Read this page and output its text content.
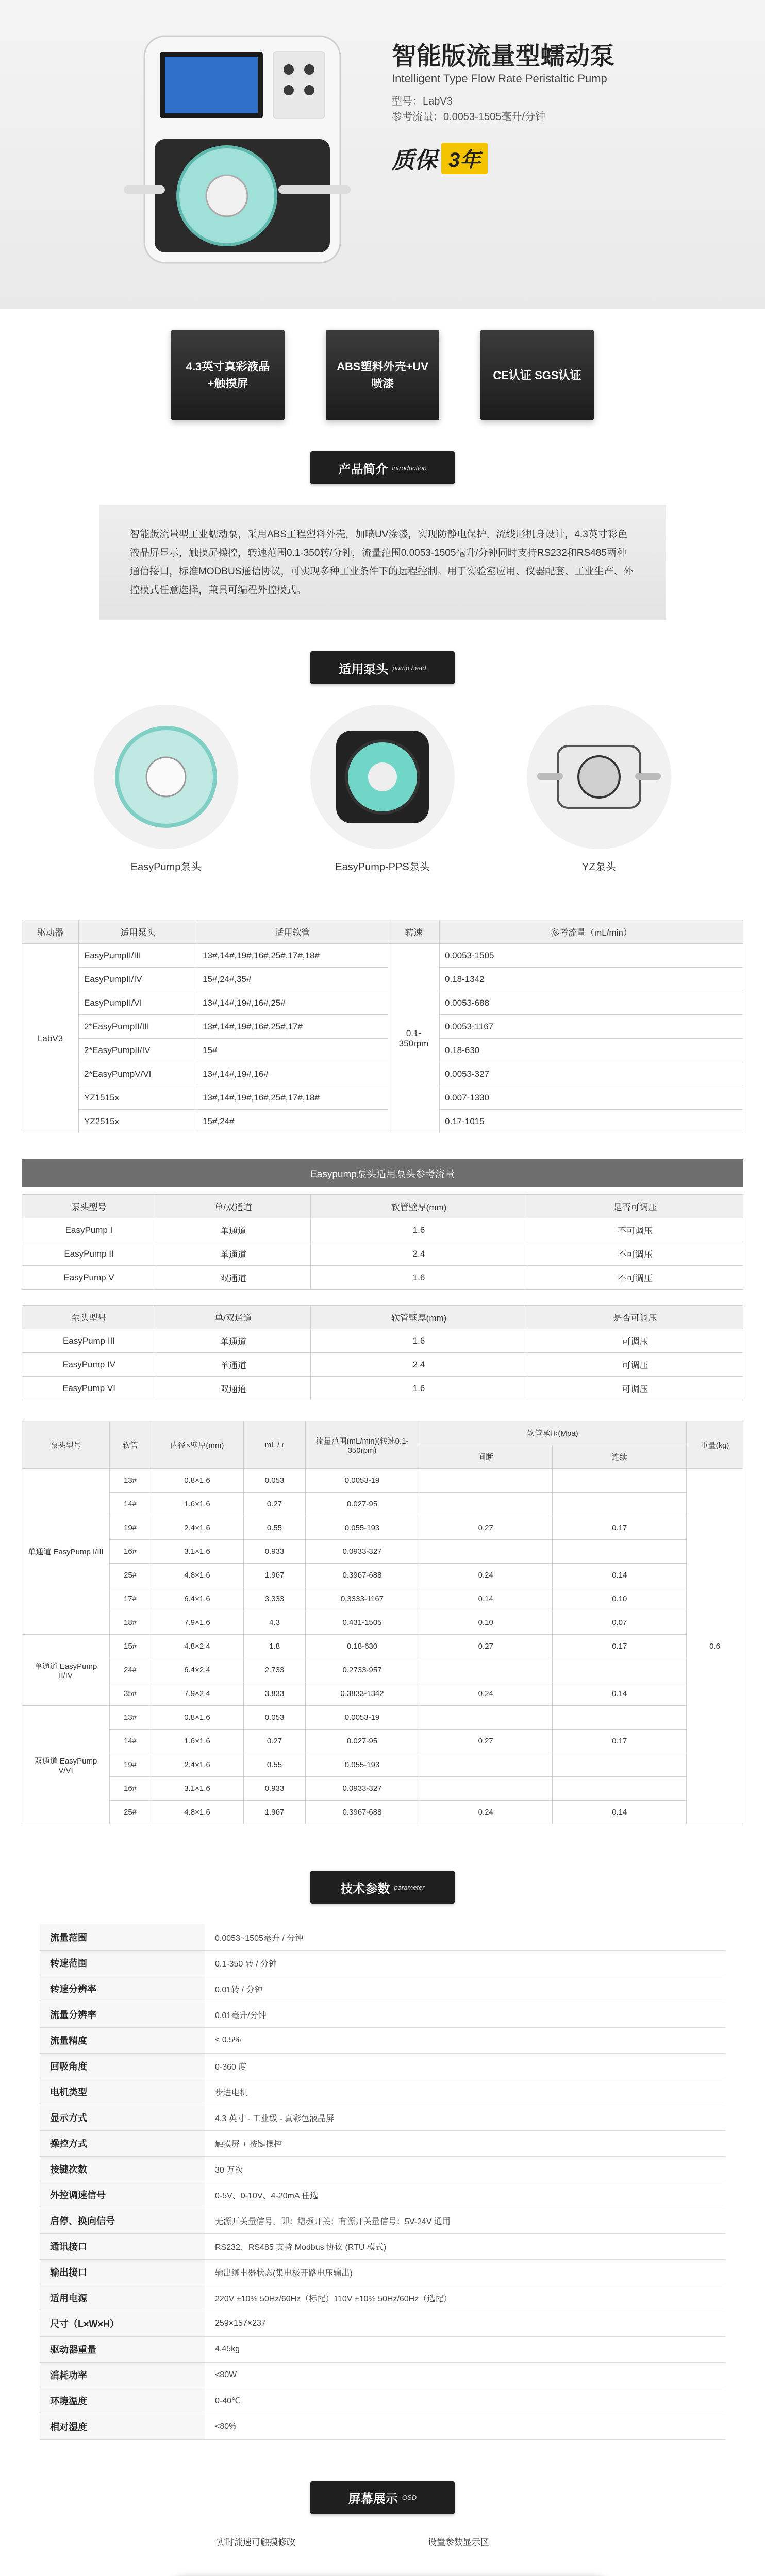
智能版流量型蠕动泵
Intelligent Type Flow Rate Peristaltic Pump
型号：LabV3
参考流量：0.0053-1505毫升/分钟
质保 3年
4.3英寸真彩液晶+触摸屏
ABS塑料外壳+UV喷漆
CE认证 SGS认证
产品简介 introduction
智能版流量型工业蠕动泵，采用ABS工程塑料外壳，加喷UV涂漆，实现防静电保护，流线形机身设计，4.3英寸彩色液晶屏显示，触摸屏操控，转速范围0.1-350转/分钟，流量范围0.0053-1505毫升/分钟同时支持RS232和RS485两种通信接口，标准MODBUS通信协议，可实现多种工业条件下的远程控制。用于实验室应用、仪器配套、工业生产、外控模式任意选择，兼具可编程外控模式。
适用泵头 pump head
EasyPump泵头	EasyPump-PPS泵头	YZ泵头
驱动器	适用泵头	适用软管	转速	参考流量（mL/min）
LabV3	EasyPumpII/III	13#,14#,19#,16#,25#,17#,18#	0.1-350rpm	0.0053-1505
	EasyPumpII/IV	15#,24#,35#		0.18-1342
	EasyPumpII/VI	13#,14#,19#,16#,25#		0.0053-688
	2*EasyPumpII/III	13#,14#,19#,16#,25#,17#		0.0053-1167
	2*EasyPumpII/IV	15#		0.18-630
	2*EasyPumpV/VI	13#,14#,19#,16#		0.0053-327
	YZ1515x	13#,14#,19#,16#,25#,17#,18#		0.007-1330
	YZ2515x	15#,24#		0.17-1015
Easypump泵头适用泵头参考流量
泵头型号	单/双通道	软管壁厚(mm)	是否可调压
EasyPump I	单通道	1.6	不可调压
EasyPump II	单通道	2.4	不可调压
EasyPump V	双通道	1.6	不可调压
泵头型号	单/双通道	软管壁厚(mm)	是否可调压
EasyPump III	单通道	1.6	可调压
EasyPump IV	单通道	2.4	可调压
EasyPump VI	双通道	1.6	可调压
泵头型号	软管	内径×壁厚(mm)	mL / r	流量范围(mL/min)(转速0.1-350rpm)	软管承压(Mpa)		重量(kg)
					间断	连续	
单通道 EasyPump I/III	13#	0.8×1.6	0.053	0.0053-19			0.6
	14#	1.6×1.6	0.27	0.027-95			
	19#	2.4×1.6	0.55	0.055-193	0.27	0.17	
	16#	3.1×1.6	0.933	0.0933-327			
	25#	4.8×1.6	1.967	0.3967-688	0.24	0.14	
	17#	6.4×1.6	3.333	0.3333-1167	0.14	0.10	
	18#	7.9×1.6	4.3	0.431-1505	0.10	0.07	
单通道 EasyPump II/IV	15#	4.8×2.4	1.8	0.18-630	0.27	0.17	
	24#	6.4×2.4	2.733	0.2733-957			
	35#	7.9×2.4	3.833	0.3833-1342	0.24	0.14	
双通道 EasyPump V/VI	13#	0.8×1.6	0.053	0.0053-19			
	14#	1.6×1.6	0.27	0.027-95	0.27	0.17	
	19#	2.4×1.6	0.55	0.055-193			
	16#	3.1×1.6	0.933	0.0933-327			
	25#	4.8×1.6	1.967	0.3967-688	0.24	0.14	
技术参数 parameter
流量范围	0.0053~1505毫升 / 分钟
转速范围	0.1-350 转 / 分钟
转速分辨率	0.01转 / 分钟
流量分辨率	0.01毫升/分钟
流量精度	< 0.5%
回吸角度	0-360 度
电机类型	步进电机
显示方式	4.3 英寸 - 工业级 - 真彩色液晶屏
操控方式	触摸屏 + 按键操控
按键次数	30 万次
外控调速信号	0-5V、0-10V、4-20mA 任选
启停、换向信号	无源开关量信号，即：增频开关；有源开关量信号：5V-24V 通用
通讯接口	RS232、RS485 支持 Modbus 协议 (RTU 模式)
输出接口	输出继电器状态(集电极开路电压输出)
适用电源	220V ±10% 50Hz/60Hz（标配）110V ±10% 50Hz/60Hz（选配）
尺寸（L×W×H）	259×157×237
驱动器重量	4.45kg
消耗功率	<80W
环境温度	0-40℃
相对湿度	<80%
屏幕展示 OSD
实时流速可触摸修改	设置参数显示区
